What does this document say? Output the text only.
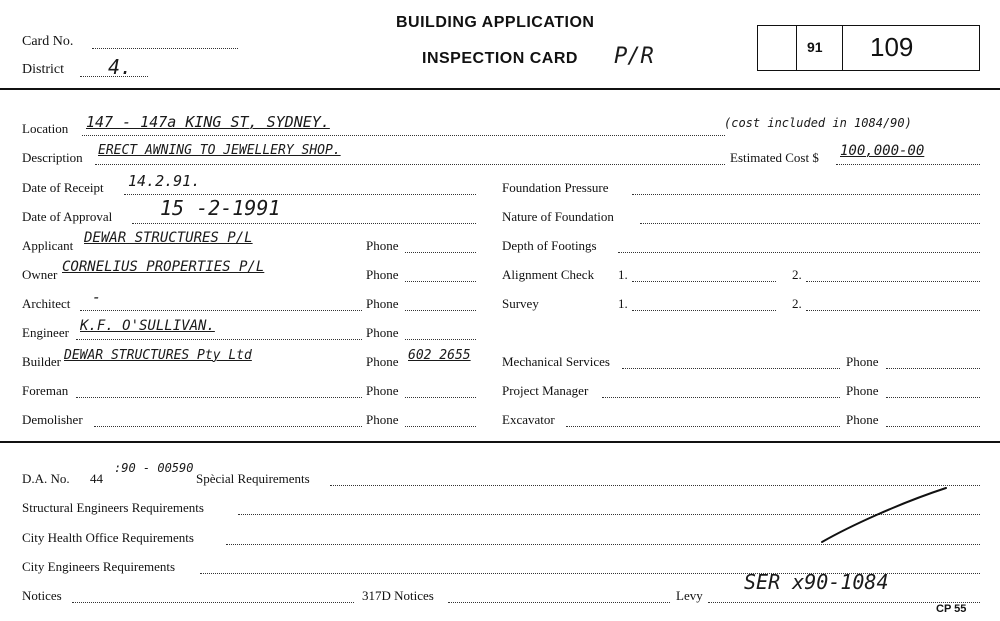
Card No.
District 4.
BUILDING APPLICATION
INSPECTION CARD P/R	91 109
Location 147 - 147a KING ST, SYDNEY.	(cost included in 1084/90)
Description ERECT AWNING TO JEWELLERY SHOP.	Estimated Cost $ 100,000-00
Date of Receipt 14.2.91.
Date of Approval 15 -2-1991
Applicant DEWAR STRUCTURES P/L	Phone
Owner CORNELIUS PROPERTIES P/L	Phone
Architect -	Phone
Engineer K.F. O'SULLIVAN.	Phone
Builder DEWAR STRUCTURES Pty Ltd	Phone 602 2655
Foreman	Phone
Demolisher	Phone
Foundation Pressure
Nature of Foundation
Depth of Footings
Alignment Check 1.	2.
Survey	1.	2.
Mechanical Services	Phone
Project Manager	Phone
Excavator	Phone
D.A. No. 44
:90 - 00590
Spècial Requirements
Structural Engineers Requirements
City Health Office Requirements
City Engineers Requirements
Notices	317D Notices	Levy
SER x90-1084
CP 55
